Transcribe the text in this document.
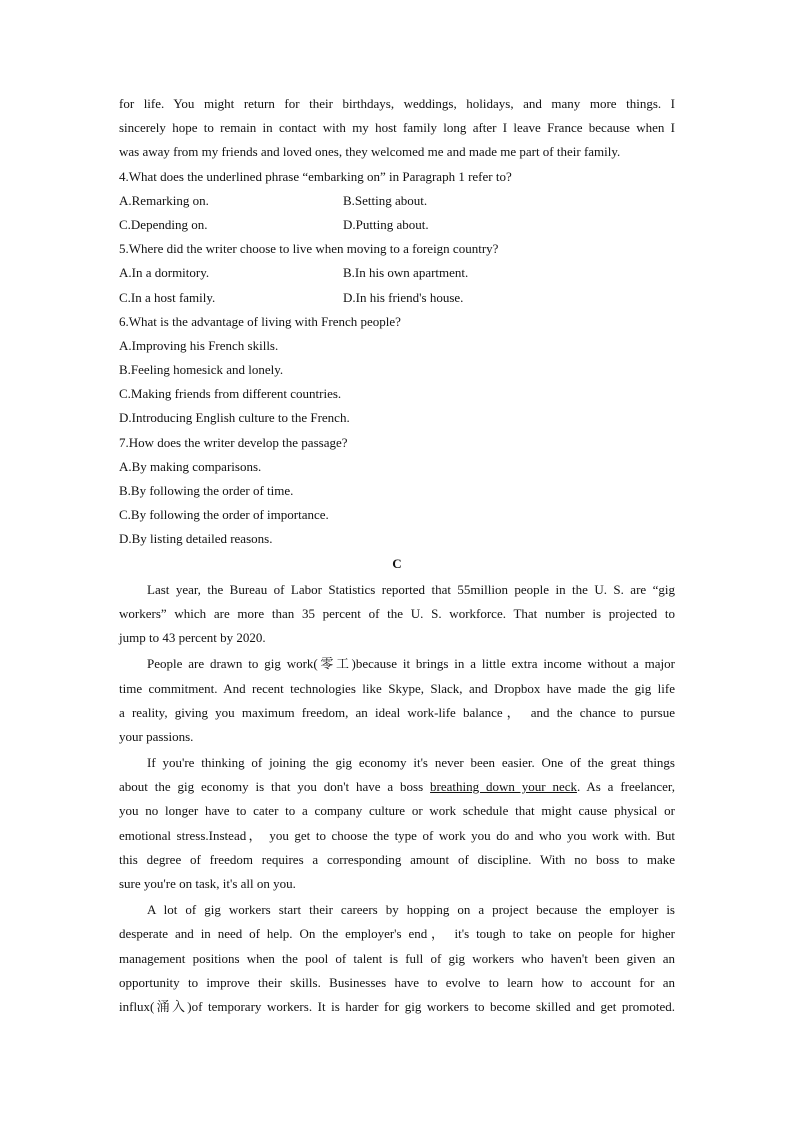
for life. You might return for their birthdays, weddings, holidays, and many more things. I
sincerely hope to remain in contact with my host family long after I leave France because when I
was away from my friends and loved ones, they welcomed me and made me part of their family.
4.What does the underlined phrase “embarking on” in Paragraph 1 refer to?
A.Remarking on.	B.Setting about.
C.Depending on.	D.Putting about.
5.Where did the writer choose to live when moving to a foreign country?
A.In a dormitory.	B.In his own apartment.
C.In a host family.	D.In his friend's house.
6.What is the advantage of living with French people?
A.Improving his French skills.
B.Feeling homesick and lonely.
C.Making friends from different countries.
D.Introducing English culture to the French.
7.How does the writer develop the passage?
A.By making comparisons.
B.By following the order of time.
C.By following the order of importance.
D.By listing detailed reasons.
C
Last year, the Bureau of Labor Statistics reported that 55million people in the U. S. are “gig
workers” which are more than 35 percent of the U. S. workforce. That number is projected to
jump to 43 percent by 2020.
People are drawn to gig work(零工)because it brings in a little extra income without a major
time commitment. And recent technologies like Skype, Slack, and Dropbox have made the gig life
a reality, giving you maximum freedom, an ideal work-life balance， and the chance to pursue
your passions.
If you're thinking of joining the gig economy it's never been easier. One of the great things
about the gig economy is that you don't have a boss breathing down your neck. As a freelancer,
you no longer have to cater to a company culture or work schedule that might cause physical or
emotional stress.Instead， you get to choose the type of work you do and who you work with. But
this degree of freedom requires a corresponding amount of discipline. With no boss to make
sure you're on task, it's all on you.
A lot of gig workers start their careers by hopping on a project because the employer is
desperate and in need of help. On the employer's end， it's tough to take on people for higher
management positions when the pool of talent is full of gig workers who haven't been given an
opportunity to improve their skills. Businesses have to evolve to learn how to account for an
influx(涌入)of temporary workers. It is harder for gig workers to become skilled and get promoted.
